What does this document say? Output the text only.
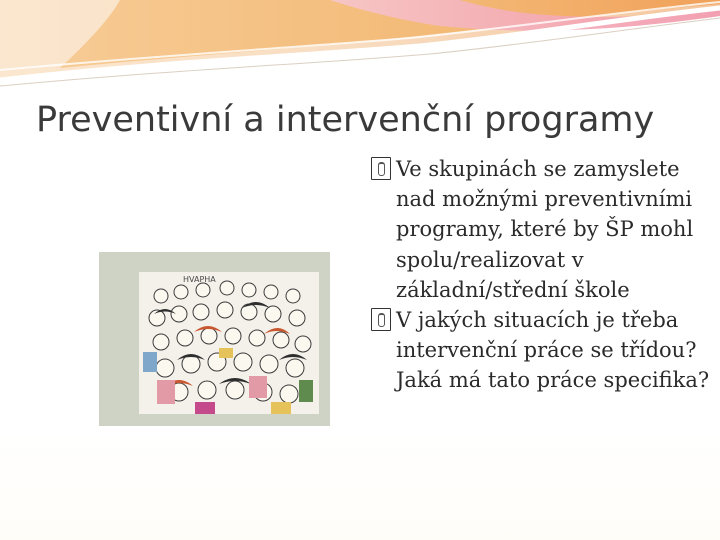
Preventivní a intervenční programy
HVAPHA
Ve skupinách se zamyslete nad možnými preventivními programy, které by ŠP mohl spolu/realizovat v základní/střední škole
V jakých situacích je třeba intervenční práce se třídou? Jaká má tato práce specifika?
